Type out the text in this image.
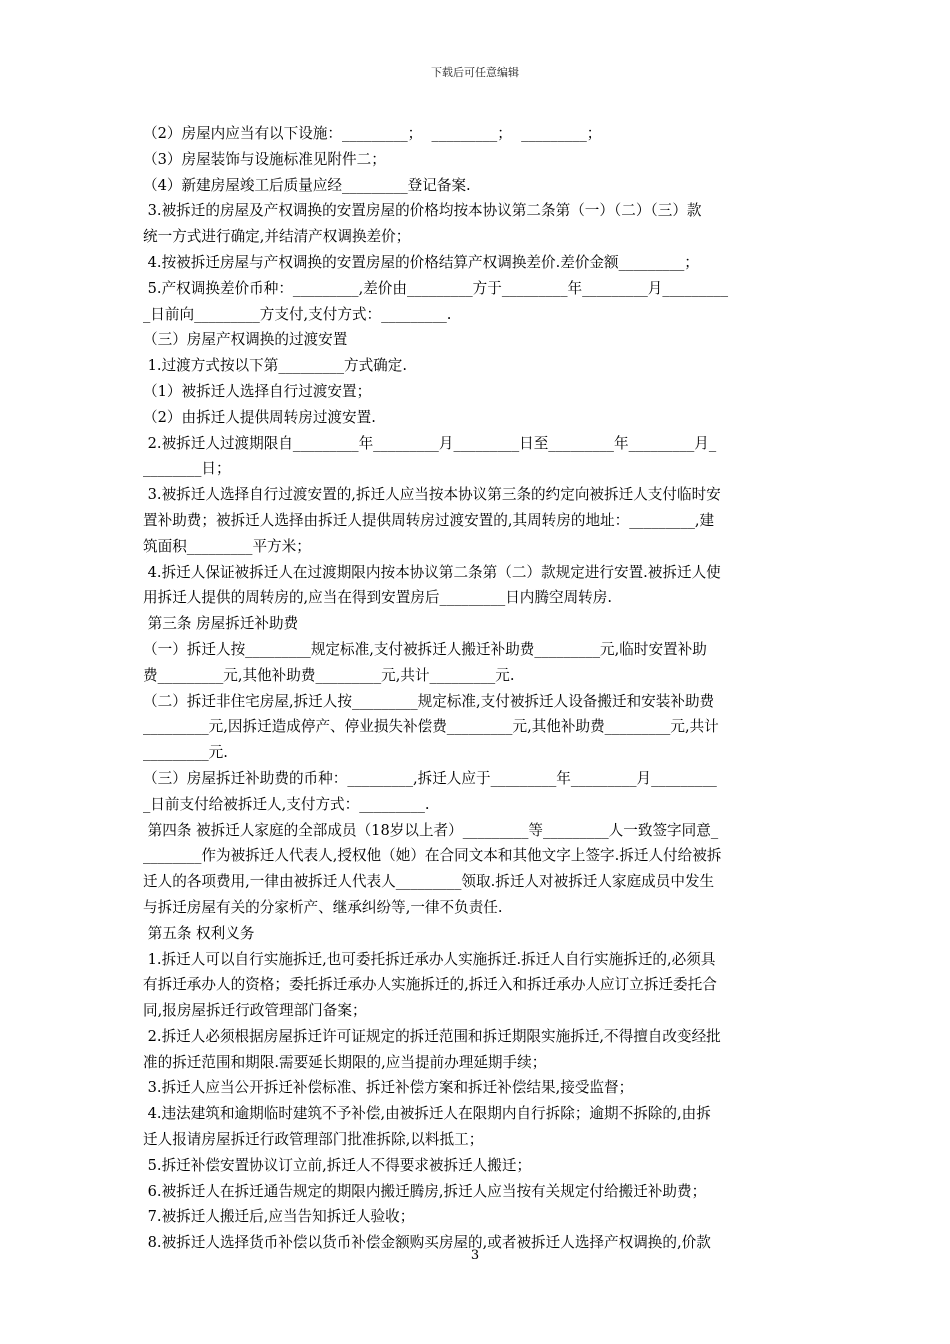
下载后可任意编辑
（2）房屋内应当有以下设施：_________；  _________；  _________；
（3）房屋装饰与设施标准见附件二；
（4）新建房屋竣工后质量应经_________登记备案.
3.被拆迁的房屋及产权调换的安置房屋的价格均按本协议第二条第（一）（二）（三）款
统一方式进行确定,并结清产权调换差价；
4.按被拆迁房屋与产权调换的安置房屋的价格结算产权调换差价.差价金额_________；
5.产权调换差价币种：_________,差价由_________方于_________年_________月_________
_日前向_________方支付,支付方式：_________.
（三）房屋产权调换的过渡安置
1.过渡方式按以下第_________方式确定.
（1）被拆迁人选择自行过渡安置；
（2）由拆迁人提供周转房过渡安置.
2.被拆迁人过渡期限自_________年_________月_________日至_________年_________月_
________日；
3.被拆迁人选择自行过渡安置的,拆迁人应当按本协议第三条的约定向被拆迁人支付临时安
置补助费；被拆迁人选择由拆迁人提供周转房过渡安置的,其周转房的地址：_________,建
筑面积_________平方米；
4.拆迁人保证被拆迁人在过渡期限内按本协议第二条第（二）款规定进行安置.被拆迁人使
用拆迁人提供的周转房的,应当在得到安置房后_________日内腾空周转房.
第三条 房屋拆迁补助费
（一）拆迁人按_________规定标准,支付被拆迁人搬迁补助费_________元,临时安置补助
费_________元,其他补助费_________元,共计_________元.
（二）拆迁非住宅房屋,拆迁人按_________规定标准,支付被拆迁人设备搬迁和安装补助费
_________元,因拆迁造成停产、停业损失补偿费_________元,其他补助费_________元,共计
_________元.
（三）房屋拆迁补助费的币种：_________,拆迁人应于_________年_________月_________
_日前支付给被拆迁人,支付方式：_________.
第四条 被拆迁人家庭的全部成员（18岁以上者）_________等_________人一致签字同意_
________作为被拆迁人代表人,授权他（她）在合同文本和其他文字上签字.拆迁人付给被拆
迁人的各项费用,一律由被拆迁人代表人_________领取.拆迁人对被拆迁人家庭成员中发生
与拆迁房屋有关的分家析产、继承纠纷等,一律不负责任.
第五条 权利义务
1.拆迁人可以自行实施拆迁,也可委托拆迁承办人实施拆迁.拆迁人自行实施拆迁的,必须具
有拆迁承办人的资格；委托拆迁承办人实施拆迁的,拆迁入和拆迁承办人应订立拆迁委托合
同,报房屋拆迁行政管理部门备案；
2.拆迁人必须根据房屋拆迁许可证规定的拆迁范围和拆迁期限实施拆迁,不得擅自改变经批
准的拆迁范围和期限.需要延长期限的,应当提前办理延期手续；
3.拆迁人应当公开拆迁补偿标准、拆迁补偿方案和拆迁补偿结果,接受监督；
4.违法建筑和逾期临时建筑不予补偿,由被拆迁人在限期内自行拆除；逾期不拆除的,由拆
迁人报请房屋拆迁行政管理部门批准拆除,以料抵工；
5.拆迁补偿安置协议订立前,拆迁人不得要求被拆迁人搬迁；
6.被拆迁人在拆迁通告规定的期限内搬迁腾房,拆迁人应当按有关规定付给搬迁补助费；
7.被拆迁人搬迁后,应当告知拆迁人验收；
8.被拆迁人选择货币补偿以货币补偿金额购买房屋的,或者被拆迁人选择产权调换的,价款
3
